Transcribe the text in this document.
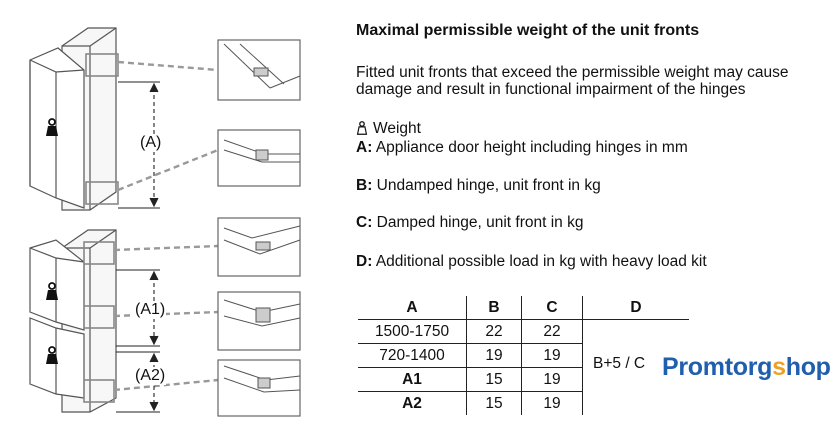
(A)
(A1)
(A2)
Maximal permissible weight of the unit fronts
Fitted unit fronts that exceed the permissible weight may cause damage and result in functional impairment of the hinges
Weight
A: Appliance door height including hinges in mm
B: Undamped hinge, unit front in kg
C: Damped hinge, unit front in kg
D: Additional possible load in kg with heavy load kit
A	B	C	D
1500-1750	22	22	
720-1400	19	19	
A1	15	19	
A2	15	19	
B+5 / C Promtorgshop
